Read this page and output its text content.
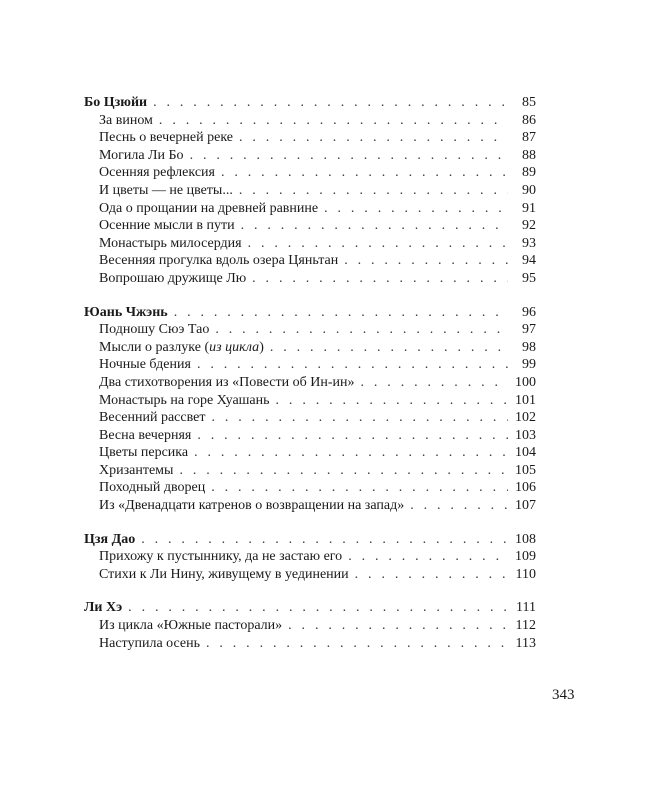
Бо Цзюйи . . .	85
За вином . . .	86
Песнь о вечерней реке . . .	87
Могила Ли Бо . . .	88
Осенняя рефлексия . . .	89
И цветы — не цветы... . . .	90
Ода о прощании на древней равнине . . .	91
Осенние мысли в пути . . .	92
Монастырь милосердия . . .	93
Весенняя прогулка вдоль озера Цяньтан . . .	94
Вопрошаю дружище Лю . . .	95
Юань Чжэнь . . .	96
Подношу Сюэ Тао . . .	97
Мысли о разлуке (из цикла) . . .	98
Ночные бдения . . .	99
Два стихотворения из «Повести об Ин-ин» . . .	100
Монастырь на горе Хуашань . . .	101
Весенний рассвет . . .	102
Весна вечерняя . . .	103
Цветы персика . . .	104
Хризантемы . . .	105
Походный дворец . . .	106
Из «Двенадцати катренов о возвращении на запад» . . .	107
Цзя Дао . . .	108
Прихожу к пустыннику, да не застаю его . . .	109
Стихи к Ли Нину, живущему в уединении . . .	110
Ли Хэ . . .	111
Из цикла «Южные пасторали» . . .	112
Наступила осень . . .	113
343
